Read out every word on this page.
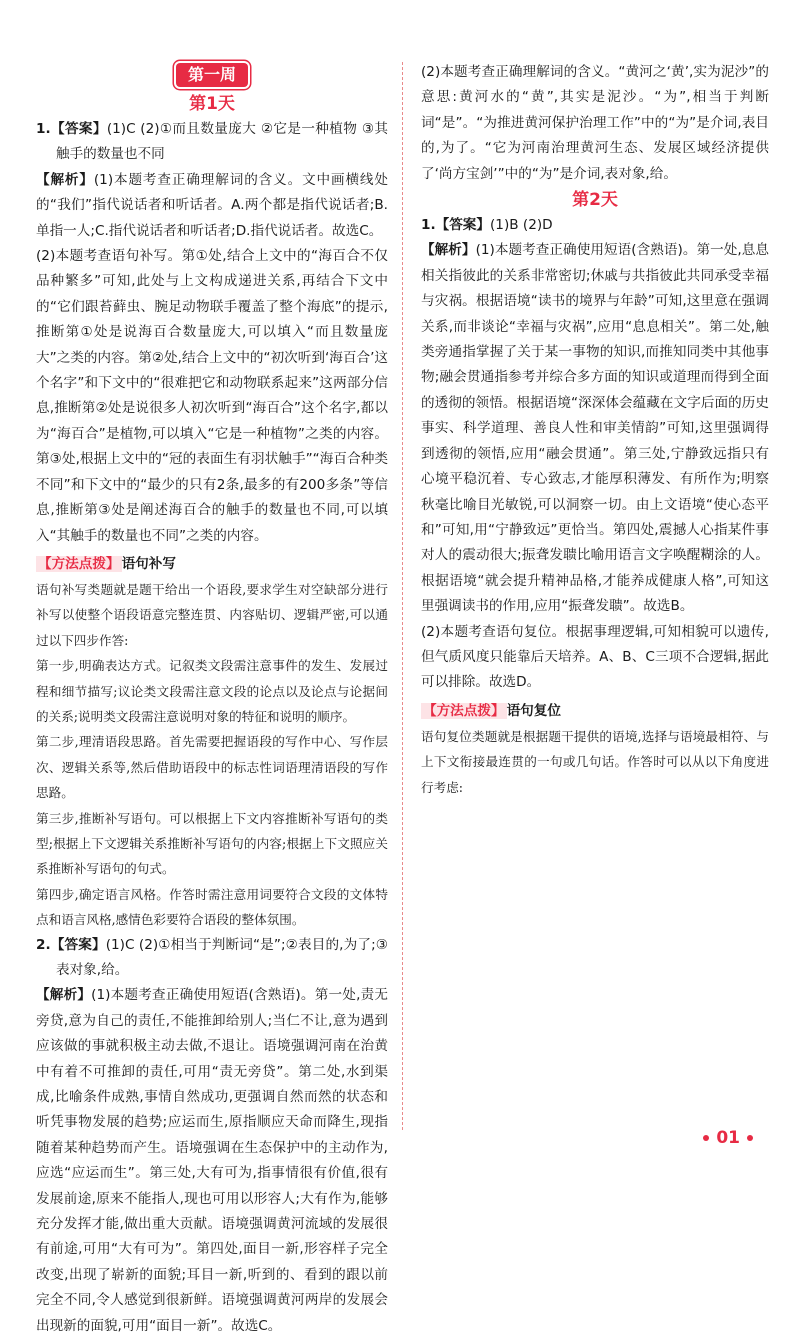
第一周
第1天

1.【答案】(1)C (2)①而且数量庞大 ②它是一种植物 ③其触手的数量也不同

【解析】(1)本题考查正确理解词的含义。文中画横线处的“我们”指代说话者和听话者。A.两个都是指代说话者;B.单指一人;C.指代说话者和听话者;D.指代说话者。故选C。

(2)本题考查语句补写。第①处,结合上文中的“海百合不仅品种繁多”可知,此处与上文构成递进关系,再结合下文中的“它们跟苔藓虫、腕足动物联手覆盖了整个海底”的提示,推断第①处是说海百合数量庞大,可以填入“而且数量庞大”之类的内容。第②处,结合上文中的“初次听到‘海百合’这个名字”和下文中的“很难把它和动物联系起来”这两部分信息,推断第②处是说很多人初次听到“海百合”这个名字,都以为“海百合”是植物,可以填入“它是一种植物”之类的内容。第③处,根据上文中的“冠的表面生有羽状触手”“海百合种类不同”和下文中的“最少的只有2条,最多的有200多条”等信息,推断第③处是阐述海百合的触手的数量也不同,可以填入“其触手的数量也不同”之类的内容。

【方法点拨】 语句补写

语句补写类题就是题干给出一个语段,要求学生对空缺部分进行补写以使整个语段语意完整连贯、内容贴切、逻辑严密,可以通过以下四步作答:

第一步,明确表达方式。记叙类文段需注意事件的发生、发展过程和细节描写;议论类文段需注意文段的论点以及论点与论据间的关系;说明类文段需注意说明对象的特征和说明的顺序。

第二步,理清语段思路。首先需要把握语段的写作中心、写作层次、逻辑关系等,然后借助语段中的标志性词语理清语段的写作思路。

第三步,推断补写语句。可以根据上下文内容推断补写语句的类型;根据上下文逻辑关系推断补写语句的内容;根据上下文照应关系推断补写语句的句式。

第四步,确定语言风格。作答时需注意用词要符合文段的文体特点和语言风格,感情色彩要符合语段的整体氛围。

2.【答案】(1)C (2)①相当于判断词“是”;②表目的,为了;③表对象,给。

【解析】(1)本题考查正确使用短语(含熟语)。第一处,责无旁贷,意为自己的责任,不能推卸给别人;当仁不让,意为遇到应该做的事就积极主动去做,不退让。语境强调河南在治黄中有着不可推卸的责任,可用“责无旁贷”。第二处,水到渠成,比喻条件成熟,事情自然成功,更强调自然而然的状态和听凭事物发展的趋势;应运而生,原指顺应天命而降生,现指随着某种趋势而产生。语境强调在生态保护中的主动作为,应选“应运而生”。第三处,大有可为,指事情很有价值,很有发展前途,原来不能指人,现也可用以形容人;大有作为,能够充分发挥才能,做出重大贡献。语境强调黄河流域的发展很有前途,可用“大有可为”。第四处,面目一新,形容样子完全改变,出现了崭新的面貌;耳目一新,听到的、看到的跟以前完全不同,令人感觉到很新鲜。语境强调黄河两岸的发展会出现新的面貌,可用“面目一新”。故选C。

(2)本题考查正确理解词的含义。“黄河之‘黄’,实为泥沙”的意思:黄河水的“黄”,其实是泥沙。“为”,相当于判断词“是”。“为推进黄河保护治理工作”中的“为”是介词,表目的,为了。“它为河南治理黄河生态、发展区域经济提供了‘尚方宝剑’”中的“为”是介词,表对象,给。

第2天

1.【答案】(1)B (2)D

【解析】(1)本题考查正确使用短语(含熟语)。第一处,息息相关指彼此的关系非常密切;休戚与共指彼此共同承受幸福与灾祸。根据语境“读书的境界与年龄”可知,这里意在强调关系,而非谈论“幸福与灾祸”,应用“息息相关”。第二处,触类旁通指掌握了关于某一事物的知识,而推知同类中其他事物;融会贯通指参考并综合多方面的知识或道理而得到全面的透彻的领悟。根据语境“深深体会蕴藏在文字后面的历史事实、科学道理、善良人性和审美情韵”可知,这里强调得到透彻的领悟,应用“融会贯通”。第三处,宁静致远指只有心境平稳沉着、专心致志,才能厚积薄发、有所作为;明察秋毫比喻目光敏锐,可以洞察一切。由上文语境“使心态平和”可知,用“宁静致远”更恰当。第四处,震撼人心指某件事对人的震动很大;振聋发聩比喻用语言文字唤醒糊涂的人。根据语境“就会提升精神品格,才能养成健康人格”,可知这里强调读书的作用,应用“振聋发聩”。故选B。

(2)本题考查语句复位。根据事理逻辑,可知相貌可以遗传,但气质风度只能靠后天培养。A、B、C三项不合逻辑,据此可以排除。故选D。

【方法点拨】 语句复位

语句复位类题就是根据题干提供的语境,选择与语境最相符、与上下文衔接最连贯的一句或几句话。作答时可以从以下角度进行考虑:

01
